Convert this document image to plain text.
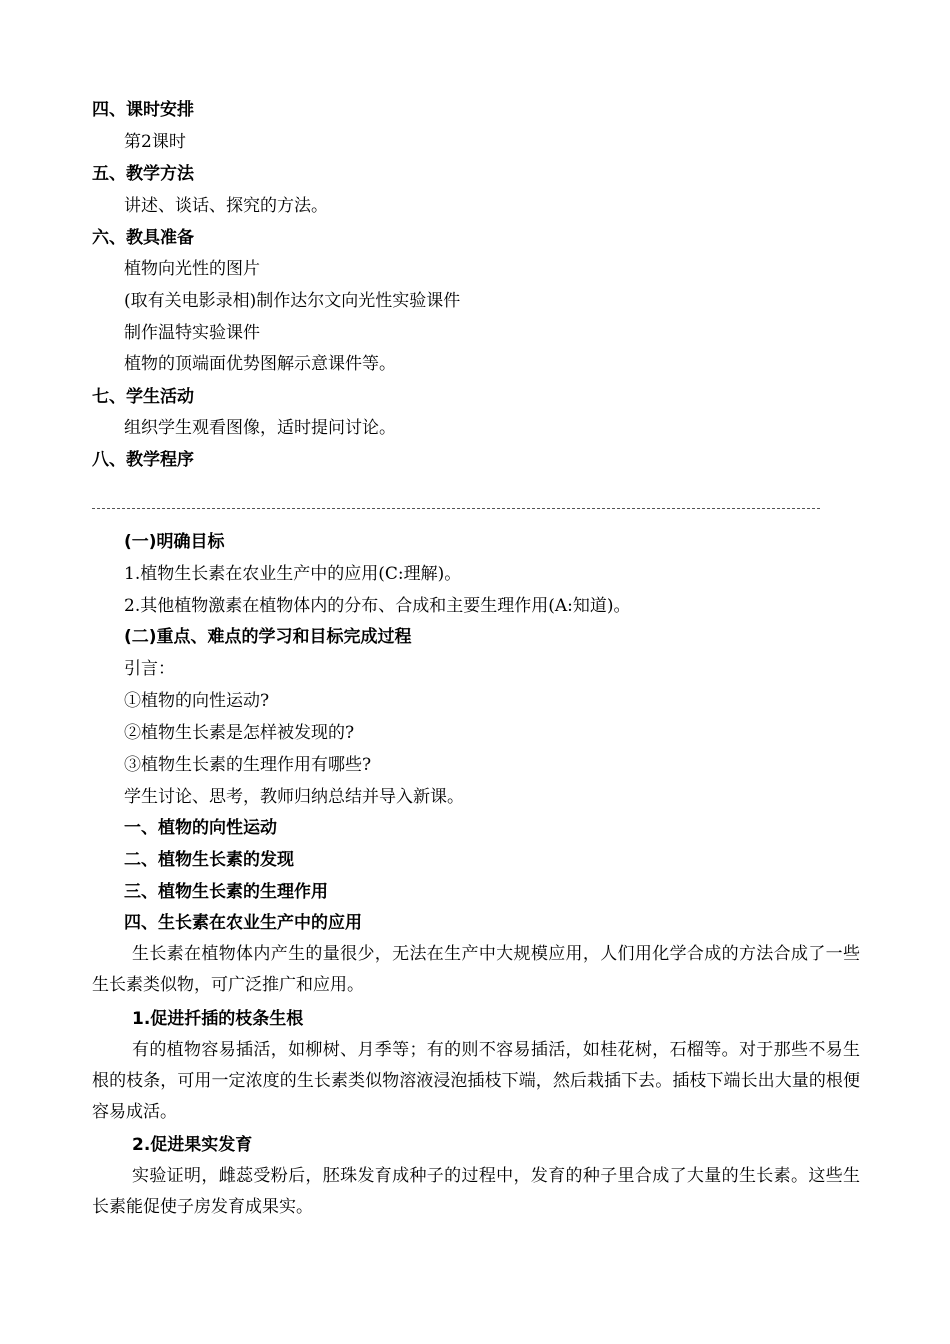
四、课时安排
第2课时
五、教学方法
讲述、谈话、探究的方法。
六、教具准备
植物向光性的图片
(取有关电影录相)制作达尔文向光性实验课件
制作温特实验课件
植物的顶端面优势图解示意课件等。
七、学生活动
组织学生观看图像，适时提问讨论。
八、教学程序
(一)明确目标
1.植物生长素在农业生产中的应用(C:理解)。
2.其他植物激素在植物体内的分布、合成和主要生理作用(A:知道)。
(二)重点、难点的学习和目标完成过程
引言：
①植物的向性运动?
②植物生长素是怎样被发现的?
③植物生长素的生理作用有哪些?
学生讨论、思考，教师归纳总结并导入新课。
一、植物的向性运动
二、植物生长素的发现
三、植物生长素的生理作用
四、生长素在农业生产中的应用
生长素在植物体内产生的量很少，无法在生产中大规模应用，人们用化学合成的方法合成了一些生长素类似物，可广泛推广和应用。
1.促进扦插的枝条生根
有的植物容易插活，如柳树、月季等；有的则不容易插活，如桂花树，石榴等。对于那些不易生根的枝条，可用一定浓度的生长素类似物溶液浸泡插枝下端，然后栽插下去。插枝下端长出大量的根便容易成活。
2.促进果实发育
实验证明，雌蕊受粉后，胚珠发育成种子的过程中，发育的种子里合成了大量的生长素。这些生长素能促使子房发育成果实。
